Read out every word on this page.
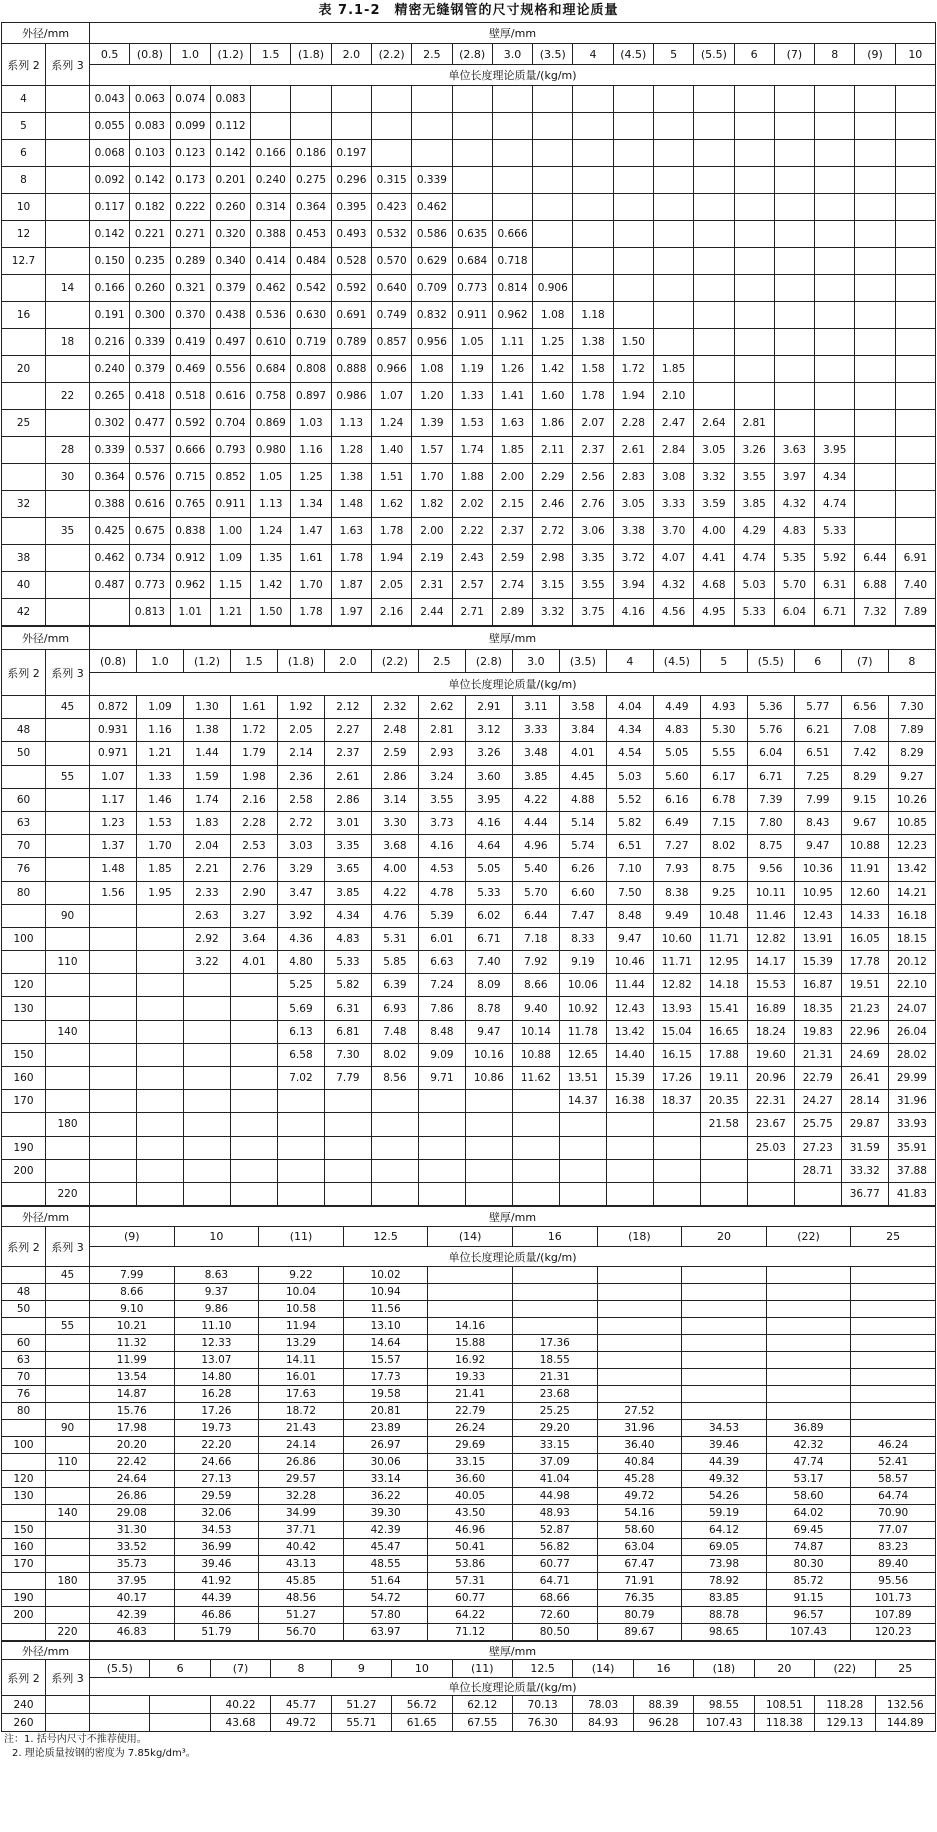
表 7.1-2　精密无缝钢管的尺寸规格和理论质量
外径/mm		壁厚/mm																				
系列 2	系列 3	0.5	(0.8)	1.0	(1.2)	1.5	(1.8)	2.0	(2.2)	2.5	(2.8)	3.0	(3.5)	4	(4.5)	5	(5.5)	6	(7)	8	(9)	10
		单位长度理论质量/(kg/m)																				
4		0.043	0.063	0.074	0.083																	
5		0.055	0.083	0.099	0.112																	
6		0.068	0.103	0.123	0.142	0.166	0.186	0.197														
8		0.092	0.142	0.173	0.201	0.240	0.275	0.296	0.315	0.339												
10		0.117	0.182	0.222	0.260	0.314	0.364	0.395	0.423	0.462												
12		0.142	0.221	0.271	0.320	0.388	0.453	0.493	0.532	0.586	0.635	0.666										
12.7		0.150	0.235	0.289	0.340	0.414	0.484	0.528	0.570	0.629	0.684	0.718										
	14	0.166	0.260	0.321	0.379	0.462	0.542	0.592	0.640	0.709	0.773	0.814	0.906									
16		0.191	0.300	0.370	0.438	0.536	0.630	0.691	0.749	0.832	0.911	0.962	1.08	1.18								
	18	0.216	0.339	0.419	0.497	0.610	0.719	0.789	0.857	0.956	1.05	1.11	1.25	1.38	1.50							
20		0.240	0.379	0.469	0.556	0.684	0.808	0.888	0.966	1.08	1.19	1.26	1.42	1.58	1.72	1.85						
	22	0.265	0.418	0.518	0.616	0.758	0.897	0.986	1.07	1.20	1.33	1.41	1.60	1.78	1.94	2.10						
25		0.302	0.477	0.592	0.704	0.869	1.03	1.13	1.24	1.39	1.53	1.63	1.86	2.07	2.28	2.47	2.64	2.81				
	28	0.339	0.537	0.666	0.793	0.980	1.16	1.28	1.40	1.57	1.74	1.85	2.11	2.37	2.61	2.84	3.05	3.26	3.63	3.95		
	30	0.364	0.576	0.715	0.852	1.05	1.25	1.38	1.51	1.70	1.88	2.00	2.29	2.56	2.83	3.08	3.32	3.55	3.97	4.34		
32		0.388	0.616	0.765	0.911	1.13	1.34	1.48	1.62	1.82	2.02	2.15	2.46	2.76	3.05	3.33	3.59	3.85	4.32	4.74		
	35	0.425	0.675	0.838	1.00	1.24	1.47	1.63	1.78	2.00	2.22	2.37	2.72	3.06	3.38	3.70	4.00	4.29	4.83	5.33		
38		0.462	0.734	0.912	1.09	1.35	1.61	1.78	1.94	2.19	2.43	2.59	2.98	3.35	3.72	4.07	4.41	4.74	5.35	5.92	6.44	6.91
40		0.487	0.773	0.962	1.15	1.42	1.70	1.87	2.05	2.31	2.57	2.74	3.15	3.55	3.94	4.32	4.68	5.03	5.70	6.31	6.88	7.40
42			0.813	1.01	1.21	1.50	1.78	1.97	2.16	2.44	2.71	2.89	3.32	3.75	4.16	4.56	4.95	5.33	6.04	6.71	7.32	7.89
外径/mm		壁厚/mm																	
系列 2	系列 3	(0.8)	1.0	(1.2)	1.5	(1.8)	2.0	(2.2)	2.5	(2.8)	3.0	(3.5)	4	(4.5)	5	(5.5)	6	(7)	8
		单位长度理论质量/(kg/m)																	
	45	0.872	1.09	1.30	1.61	1.92	2.12	2.32	2.62	2.91	3.11	3.58	4.04	4.49	4.93	5.36	5.77	6.56	7.30
48		0.931	1.16	1.38	1.72	2.05	2.27	2.48	2.81	3.12	3.33	3.84	4.34	4.83	5.30	5.76	6.21	7.08	7.89
50		0.971	1.21	1.44	1.79	2.14	2.37	2.59	2.93	3.26	3.48	4.01	4.54	5.05	5.55	6.04	6.51	7.42	8.29
	55	1.07	1.33	1.59	1.98	2.36	2.61	2.86	3.24	3.60	3.85	4.45	5.03	5.60	6.17	6.71	7.25	8.29	9.27
60		1.17	1.46	1.74	2.16	2.58	2.86	3.14	3.55	3.95	4.22	4.88	5.52	6.16	6.78	7.39	7.99	9.15	10.26
63		1.23	1.53	1.83	2.28	2.72	3.01	3.30	3.73	4.16	4.44	5.14	5.82	6.49	7.15	7.80	8.43	9.67	10.85
70		1.37	1.70	2.04	2.53	3.03	3.35	3.68	4.16	4.64	4.96	5.74	6.51	7.27	8.02	8.75	9.47	10.88	12.23
76		1.48	1.85	2.21	2.76	3.29	3.65	4.00	4.53	5.05	5.40	6.26	7.10	7.93	8.75	9.56	10.36	11.91	13.42
80		1.56	1.95	2.33	2.90	3.47	3.85	4.22	4.78	5.33	5.70	6.60	7.50	8.38	9.25	10.11	10.95	12.60	14.21
	90			2.63	3.27	3.92	4.34	4.76	5.39	6.02	6.44	7.47	8.48	9.49	10.48	11.46	12.43	14.33	16.18
100				2.92	3.64	4.36	4.83	5.31	6.01	6.71	7.18	8.33	9.47	10.60	11.71	12.82	13.91	16.05	18.15
	110			3.22	4.01	4.80	5.33	5.85	6.63	7.40	7.92	9.19	10.46	11.71	12.95	14.17	15.39	17.78	20.12
120						5.25	5.82	6.39	7.24	8.09	8.66	10.06	11.44	12.82	14.18	15.53	16.87	19.51	22.10
130						5.69	6.31	6.93	7.86	8.78	9.40	10.92	12.43	13.93	15.41	16.89	18.35	21.23	24.07
	140					6.13	6.81	7.48	8.48	9.47	10.14	11.78	13.42	15.04	16.65	18.24	19.83	22.96	26.04
150						6.58	7.30	8.02	9.09	10.16	10.88	12.65	14.40	16.15	17.88	19.60	21.31	24.69	28.02
160						7.02	7.79	8.56	9.71	10.86	11.62	13.51	15.39	17.26	19.11	20.96	22.79	26.41	29.99
170												14.37	16.38	18.37	20.35	22.31	24.27	28.14	31.96
	180														21.58	23.67	25.75	29.87	33.93
190																25.03	27.23	31.59	35.91
200																	28.71	33.32	37.88
	220																	36.77	41.83
外径/mm		壁厚/mm									
系列 2	系列 3	(9)	10	(11)	12.5	(14)	16	(18)	20	(22)	25
		单位长度理论质量/(kg/m)									
	45	7.99	8.63	9.22	10.02						
48		8.66	9.37	10.04	10.94						
50		9.10	9.86	10.58	11.56						
	55	10.21	11.10	11.94	13.10	14.16					
60		11.32	12.33	13.29	14.64	15.88	17.36				
63		11.99	13.07	14.11	15.57	16.92	18.55				
70		13.54	14.80	16.01	17.73	19.33	21.31				
76		14.87	16.28	17.63	19.58	21.41	23.68				
80		15.76	17.26	18.72	20.81	22.79	25.25	27.52			
	90	17.98	19.73	21.43	23.89	26.24	29.20	31.96	34.53	36.89	
100		20.20	22.20	24.14	26.97	29.69	33.15	36.40	39.46	42.32	46.24
	110	22.42	24.66	26.86	30.06	33.15	37.09	40.84	44.39	47.74	52.41
120		24.64	27.13	29.57	33.14	36.60	41.04	45.28	49.32	53.17	58.57
130		26.86	29.59	32.28	36.22	40.05	44.98	49.72	54.26	58.60	64.74
	140	29.08	32.06	34.99	39.30	43.50	48.93	54.16	59.19	64.02	70.90
150		31.30	34.53	37.71	42.39	46.96	52.87	58.60	64.12	69.45	77.07
160		33.52	36.99	40.42	45.47	50.41	56.82	63.04	69.05	74.87	83.23
170		35.73	39.46	43.13	48.55	53.86	60.77	67.47	73.98	80.30	89.40
	180	37.95	41.92	45.85	51.64	57.31	64.71	71.91	78.92	85.72	95.56
190		40.17	44.39	48.56	54.72	60.77	68.66	76.35	83.85	91.15	101.73
200		42.39	46.86	51.27	57.80	64.22	72.60	80.79	88.78	96.57	107.89
	220	46.83	51.79	56.70	63.97	71.12	80.50	89.67	98.65	107.43	120.23
外径/mm		壁厚/mm													
系列 2	系列 3	(5.5)	6	(7)	8	9	10	(11)	12.5	(14)	16	(18)	20	(22)	25
		单位长度理论质量/(kg/m)													
240				40.22	45.77	51.27	56.72	62.12	70.13	78.03	88.39	98.55	108.51	118.28	132.56
260				43.68	49.72	55.71	61.65	67.55	76.30	84.93	96.28	107.43	118.38	129.13	144.89

注：1. 括号内尺寸不推荐使用。

2. 理论质量按钢的密度为 7.85kg/dm³。
